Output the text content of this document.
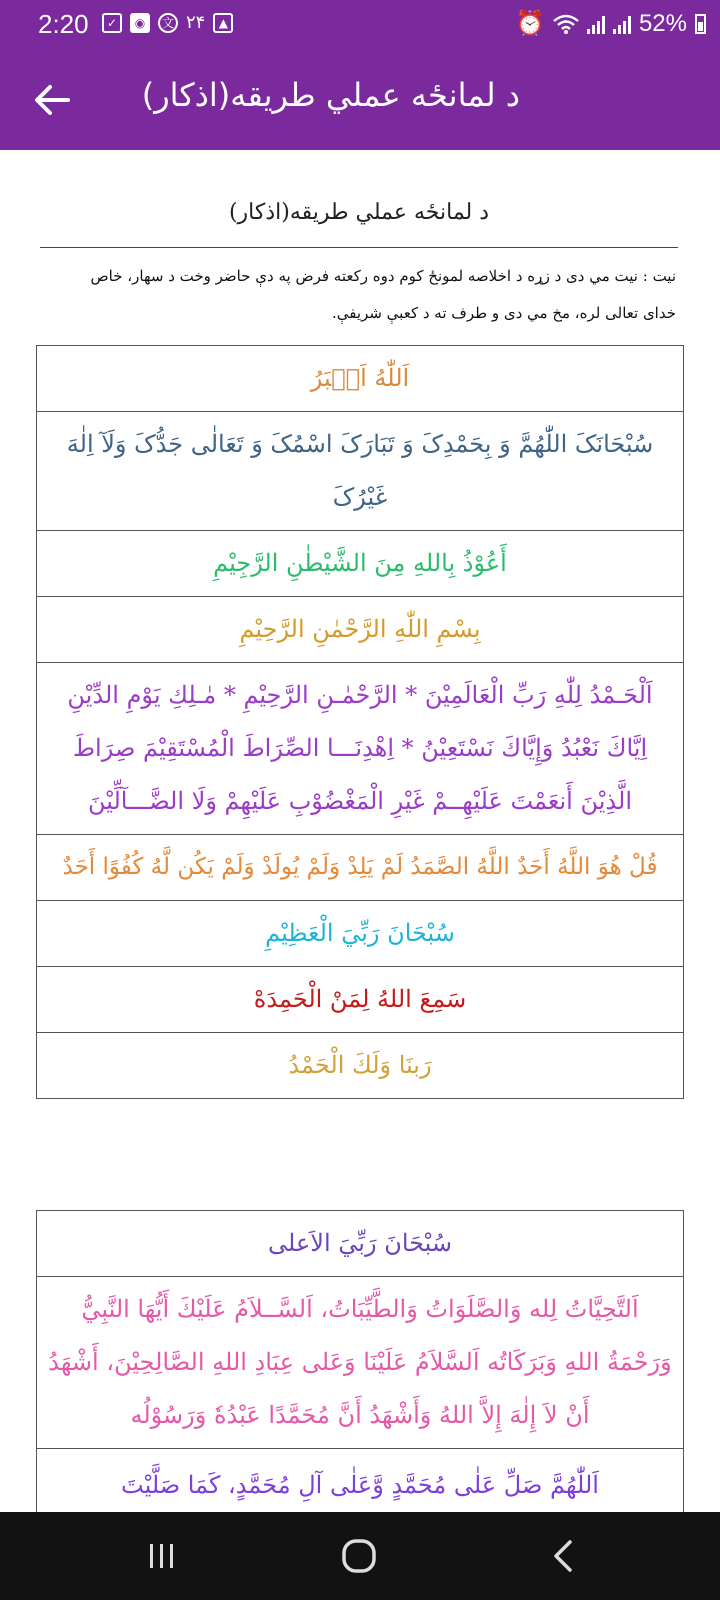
2:20	✓	◉	文 ۲۴	▲	⏰	52%
د لمانځه عملي طريقه(اذکار)
د لمانځه عملي طريقه(اذکار)
نيت : نيت مي دی د زړه د اخلاصه لمونځ کوم دوه رکعته فرض په دې حاضر وخت د سهار، خاص خدای تعالی لره، مخ مي دی و طرف ته د کعبې شريفې.
اَللّٰهُ اَكۡبَرُ
سُبْحَانَکَ اللّٰهُمَّ وَ بِحَمْدِکَ وَ تَبَارَکَ اسْمُکَ وَ تَعَالٰی جَدُّکَ وَلَآ اِلٰهَ غَيْرُکَ
أَعُوْذُ بِاللهِ مِنَ الشَّيْطٰنِ الرَّجِيْمِ
بِسْمِ اللّٰهِ الرَّحْمٰنِ الرَّحِيْمِ
اَلْحَـمْدُ لِلّٰهِ رَبِّ الْعَالَمِيْنَ * الرَّحْمٰـنِ الرَّحِيْمِ * مٰـلِكِ يَوْمِ الدِّيْنِ اِيَّاكَ نَعْبُدُ وَإِيَّاكَ نَسْتَعِيْنُ * اِهْدِنَـــا الصِّرَاطَ الْمُسْتَقِيْمَ صِرَاطَ الَّذِيْنَ أَنعَمْتَ عَلَيْهِــمْ غَيْرِ الْمَغْضُوْبِ عَلَيْهِمْ وَلَا الضَّـــآلِّيْنَ
قُلْ هُوَ اللَّهُ أَحَدٌ اللَّهُ الصَّمَدُ لَمْ يَلِدْ وَلَمْ يُولَدْ وَلَمْ يَكُن لَّهُ كُفُوًا أَحَدٌ
سُبْحَانَ رَبِّيَ الْعَظِيْمِ
سَمِعَ اللهُ لِمَنْ الْحَمِدَهْ
رَبنَا وَلَكَ الْحَمْدُ
سُبْحَانَ رَبِّيَ الاَعلى
اَلتَّحِيَّاتُ لِله وَالصَّلَوَاتُ وَالطَّيِّبَاتُ، اَلسَّــلاَمُ عَلَيْكَ أَيُّهَا النَّبِيُّ وَرَحْمَةُ اللهِ وَبَرَكَاتُه اَلسَّلاَمُ عَلَيْنَا وَعَلى عِبَادِ اللهِ الصَّالِحِيْنَ، أَشْهَدُ أَنْ لاَ إِلٰهَ إِلاَّ اللهُ وَأَشْهَدُ أَنَّ مُحَمَّدًا عَبْدُهٗ وَرَسُوْلُه
اَللّٰهُمَّ صَلِّ عَلٰى مُحَمَّدٍ وَّعَلٰى آلِ مُحَمَّدٍ، كَمَا صَلَّيْتَ
